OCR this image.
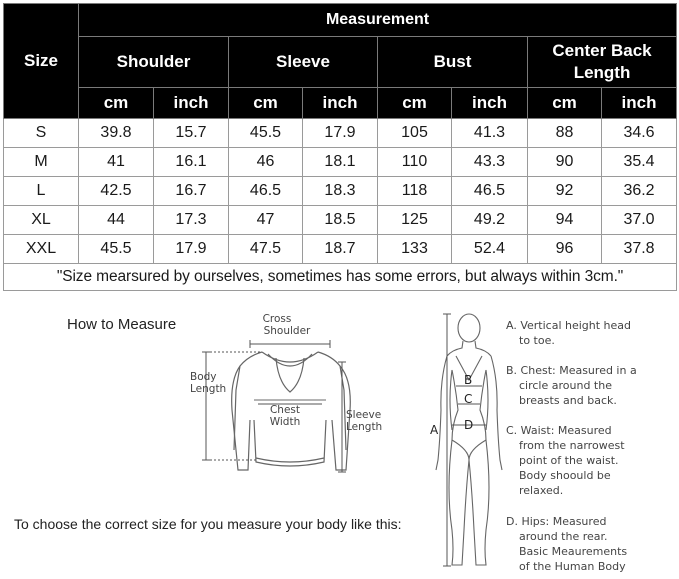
Size	Measurement							
	Shoulder		Sleeve		Bust		Center Back Length	
	cm	inch	cm	inch	cm	inch	cm	inch
S	39.8	15.7	45.5	17.9	105	41.3	88	34.6
M	41	16.1	46	18.1	110	43.3	90	35.4
L	42.5	16.7	46.5	18.3	118	46.5	92	36.2
XL	44	17.3	47	18.5	125	49.2	94	37.0
XXL	45.5	17.9	47.5	18.7	133	52.4	96	37.8
"Size mearsured by ourselves, sometimes has some errors, but always within 3cm."								
How to Measure
To choose the correct size for you measure your body like this:
Cross
Shoulder
Body
Length
Chest
Width
Sleeve
Length	A
B
C
D
A. Vertical height head
to toe.
B. Chest: Measured in a
circle around the
breasts and back.
C. Waist: Measured
from the narrowest
point of the waist.
Body shoould be
relaxed.
D. Hips: Measured
around the rear.
Basic Meaurements
of the Human Body
